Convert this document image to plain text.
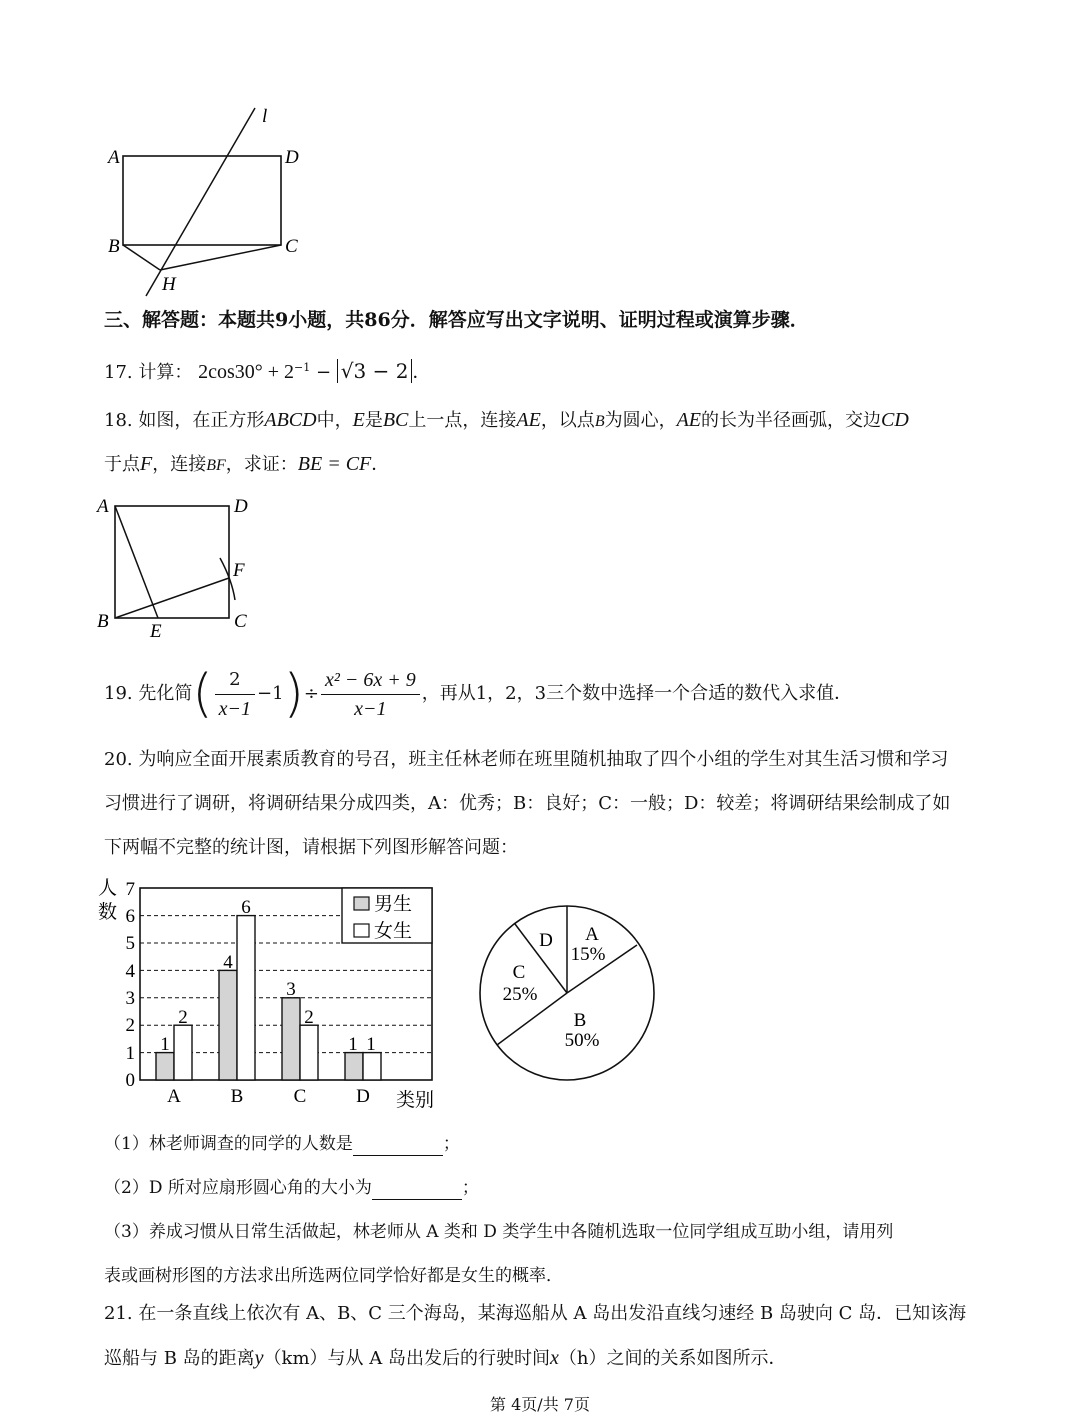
A	D
B	C
H
l
三、解答题：本题共9小题，共86分．解答应写出文字说明、证明过程或演算步骤．
17. 计算： $2\cos 30^\circ + 2^{-1} - √3 - 2$ ．
18. 如图，在正方形ABCD中，E是BC上一点，连接AE，以点B为圆心，AE的长为半径画弧，交边CD
于点F，连接BF，求证：BE = CF．
A	D
B	C
E
F
19. 先化简( $\frac{2}{x-1} -1)\div \frac{\text{x² − 6x + 9}}{x-1}$ ，再从1，2，3三个数中选择一个合适的数代入求值．
20. 为响应全面开展素质教育的号召，班主任林老师在班里随机抽取了四个小组的学生对其生活习惯和学习
习惯进行了调研，将调研结果分成四类，A：优秀；B：良好；C：一般；D：较差；将调研结果绘制成了如
下两幅不完整的统计图，请根据下列图形解答问题：
0
1
2
3
4
5
6
7
人
数
1
2
4
6
3
2
1 1
A	B	C	D 类别
男生
女生	A
15%
B
50%
C
25%
D
（1）林老师调查的同学的人数是	；
（2）D 所对应扇形圆心角的大小为	；
（3）养成习惯从日常生活做起，林老师从 A 类和 D 类学生中各随机选取一位同学组成互助小组，请用列
表或画树形图的方法求出所选两位同学恰好都是女生的概率．
21. 在一条直线上依次有 A、B、C 三个海岛，某海巡船从 A 岛出发沿直线匀速经 B 岛驶向 C 岛．已知该海
巡船与 B 岛的距离y（km）与从 A 岛出发后的行驶时间x（h）之间的关系如图所示．
第 4页/共 7页
